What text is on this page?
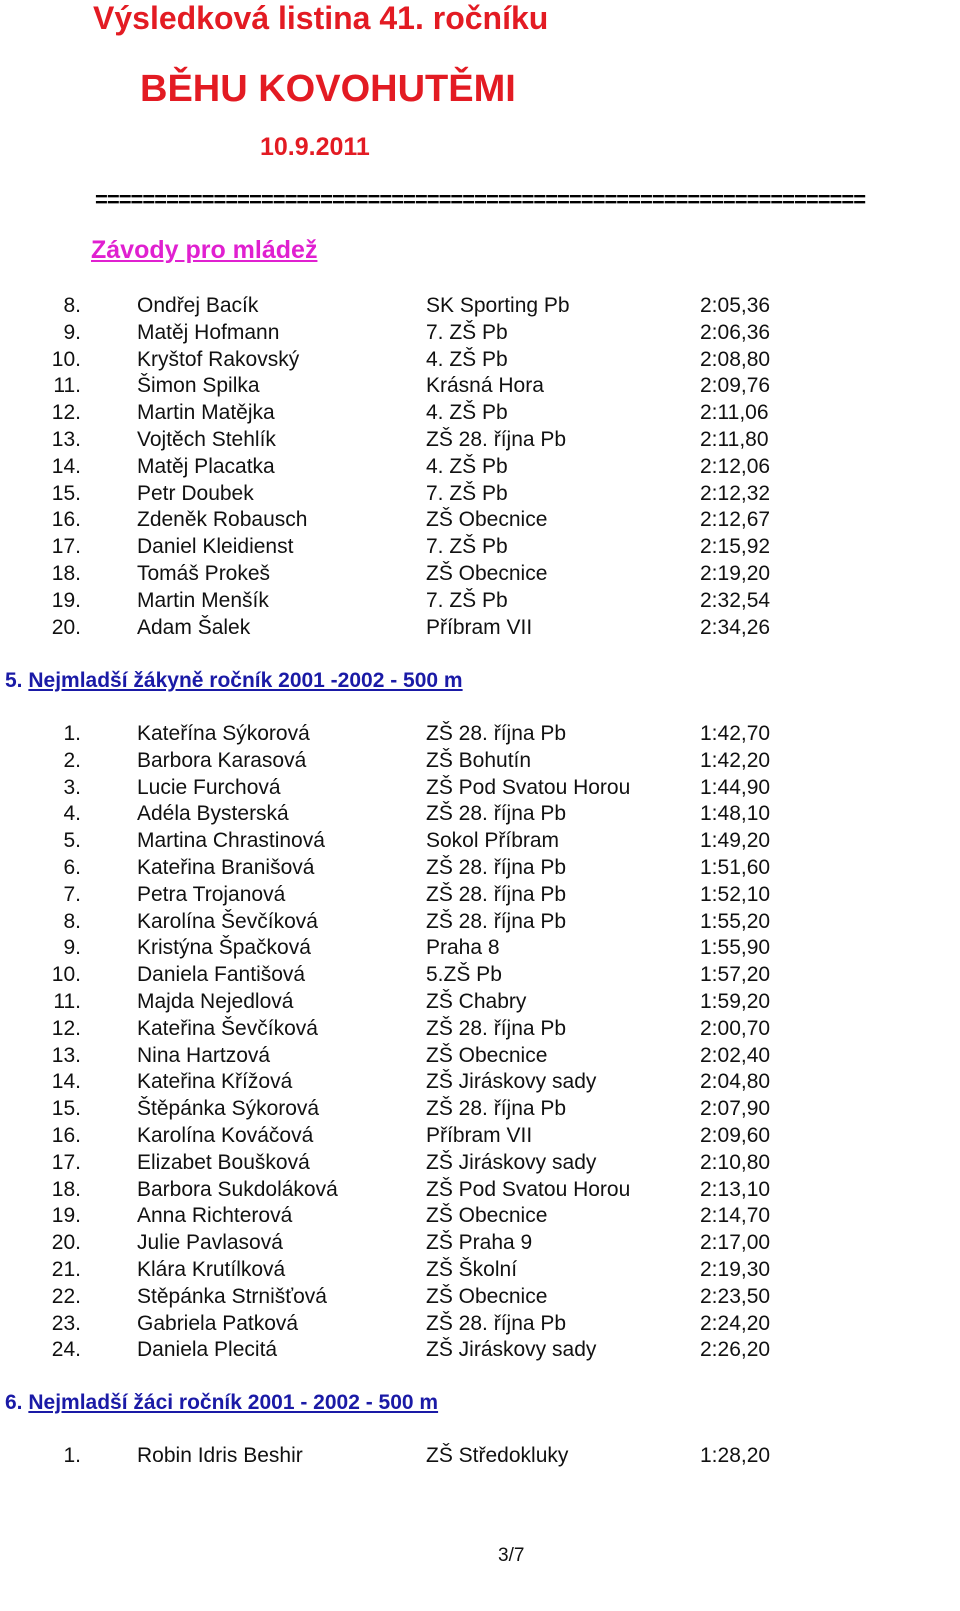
Výsledková listina 41. ročníku
BĚHU KOVOHUTĚMI
10.9.2011
=================================================================
Závody pro mládež
5. Nejmladší žákyně ročník 2001 -2002 - 500 m
6. Nejmladší žáci ročník 2001 - 2002 - 500 m
3/7
8.	Ondřej Bacík	SK Sporting Pb	2:05,36
9.	Matěj Hofmann	7. ZŠ Pb	2:06,36
10.	Kryštof Rakovský	4. ZŠ Pb	2:08,80
11.	Šimon Spilka	Krásná Hora	2:09,76
12.	Martin Matějka	4. ZŠ Pb	2:11,06
13.	Vojtěch Stehlík	ZŠ 28. října Pb	2:11,80
14.	Matěj Placatka	4. ZŠ Pb	2:12,06
15.	Petr Doubek	7. ZŠ Pb	2:12,32
16.	Zdeněk Robausch	ZŠ Obecnice	2:12,67
17.	Daniel Kleidienst	7. ZŠ Pb	2:15,92
18.	Tomáš Prokeš	ZŠ Obecnice	2:19,20
19.	Martin Menšík	7. ZŠ Pb	2:32,54
20.	Adam Šalek	Příbram VII	2:34,26
1.	Kateřína Sýkorová	ZŠ 28. října Pb	1:42,70
2.	Barbora Karasová	ZŠ Bohutín	1:42,20
3.	Lucie Furchová	ZŠ Pod Svatou Horou	1:44,90
4.	Adéla Bysterská	ZŠ 28. října Pb	1:48,10
5.	Martina Chrastinová	Sokol Příbram	1:49,20
6.	Kateřina Branišová	ZŠ 28. října Pb	1:51,60
7.	Petra Trojanová	ZŠ 28. října Pb	1:52,10
8.	Karolína Ševčíková	ZŠ 28. října Pb	1:55,20
9.	Kristýna Špačková	Praha 8	1:55,90
10.	Daniela Fantišová	5.ZŠ Pb	1:57,20
11.	Majda Nejedlová	ZŠ Chabry	1:59,20
12.	Kateřina Ševčíková	ZŠ 28. října Pb	2:00,70
13.	Nina Hartzová	ZŠ Obecnice	2:02,40
14.	Kateřina Křížová	ZŠ Jiráskovy sady	2:04,80
15.	Štěpánka Sýkorová	ZŠ 28. října Pb	2:07,90
16.	Karolína Kováčová	Příbram VII	2:09,60
17.	Elizabet Boušková	ZŠ Jiráskovy sady	2:10,80
18.	Barbora Sukdoláková	ZŠ Pod Svatou Horou	2:13,10
19.	Anna Richterová	ZŠ Obecnice	2:14,70
20.	Julie Pavlasová	ZŠ Praha 9	2:17,00
21.	Klára Krutílková	ZŠ Školní	2:19,30
22.	Stěpánka Strnišťová	ZŠ Obecnice	2:23,50
23.	Gabriela Patková	ZŠ 28. října Pb	2:24,20
24.	Daniela Plecitá	ZŠ Jiráskovy sady	2:26,20
1.	Robin Idris Beshir	ZŠ Středokluky	1:28,20
